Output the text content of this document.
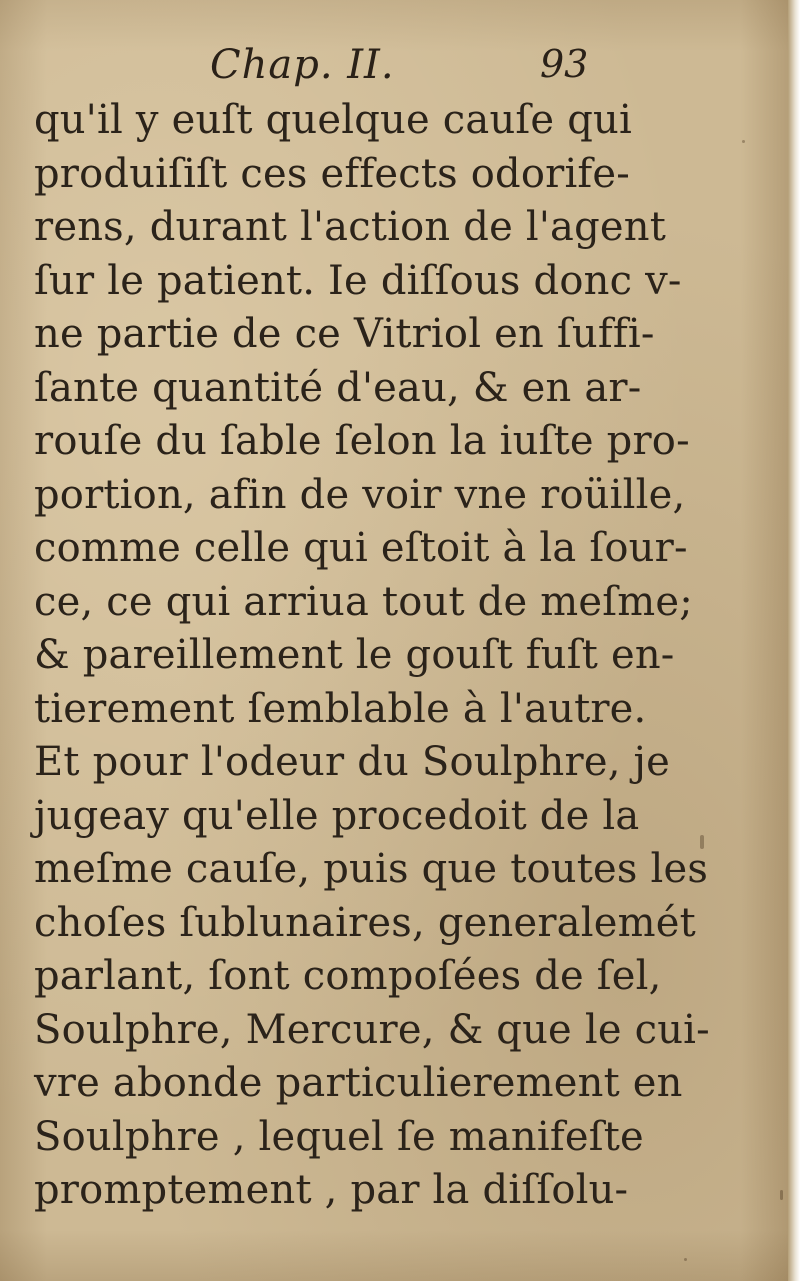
Chap. II.	93
qu'il y euſt quelque cauſe qui
produiſiſt ces effects odorife-
rens, durant l'action de l'agent
ſur le patient. Ie diſſous donc v-
ne partie de ce Vitriol en ſuffi-
ſante quantité d'eau, & en ar-
rouſe du ſable ſelon la iuſte pro-
portion, afin de voir vne roüille,
comme celle qui eſtoit à la ſour-
ce, ce qui arriua tout de meſme;
& pareillement le gouſt fuſt en-
tierement ſemblable à l'autre.
Et pour l'odeur du Soulphre, je
jugeay qu'elle procedoit de la
meſme cauſe, puis que toutes les
choſes ſublunaires, generalemét
parlant, ſont compoſées de ſel,
Soulphre, Mercure, & que le cui-
vre abonde particulierement en
Soulphre , lequel ſe manifeſte
promptement , par la diſſolu-
